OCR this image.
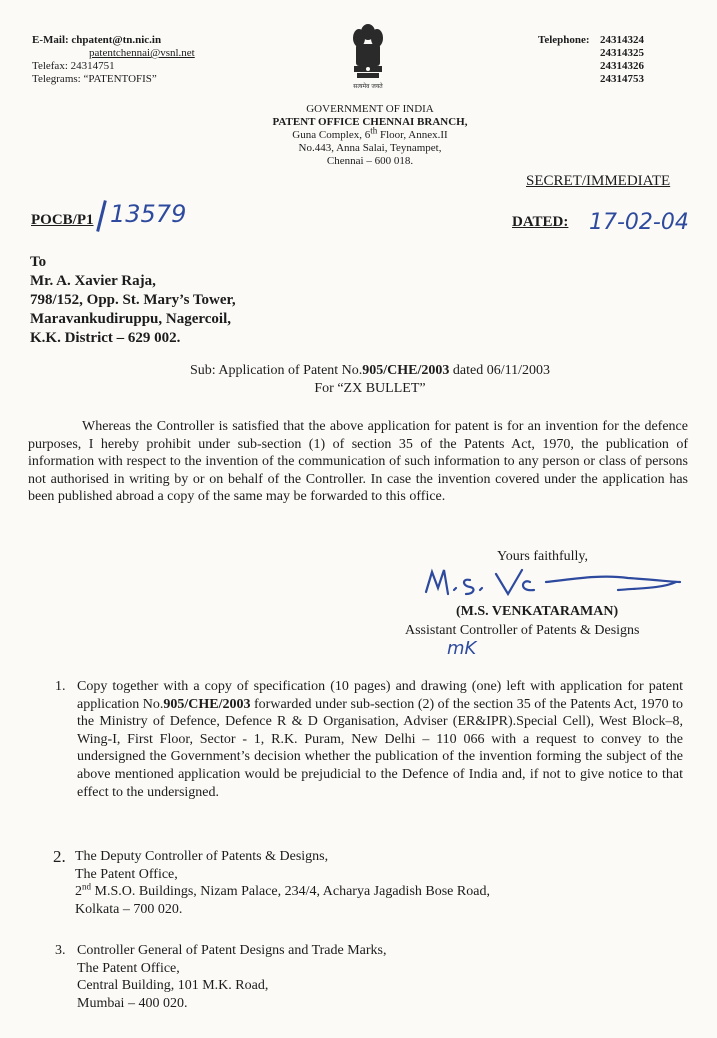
E-Mail: chpatent@tn.nic.in
patentchennai@vsnl.net
Telefax: 24314751
Telegrams: “PATENTOFIS”
Telephone: 24314324
24314325
24314326
24314753
सत्यमेव जयते
GOVERNMENT OF INDIA
PATENT OFFICE CHENNAI BRANCH,
Guna Complex, 6th Floor, Annex.II
No.443, Anna Salai, Teynampet,
Chennai – 600 018.
SECRET/IMMEDIATE
POCB/P1 13579	DATED: 17-02-04
To
Mr. A. Xavier Raja,
798/152, Opp. St. Mary’s Tower,
Maravankudiruppu, Nagercoil,
K.K. District – 629 002.
Sub: Application of Patent No.905/CHE/2003 dated 06/11/2003
For “ZX BULLET”
Whereas the Controller is satisfied that the above application for patent is for an invention for the defence purposes, I hereby prohibit under sub-section (1) of section 35 of the Patents Act, 1970, the publication of information with respect to the invention of the communication of such information to any person or class of persons not authorised in writing by or on behalf of the Controller. In case the invention covered under the application has been published abroad a copy of the same may be forwarded to this office.
Yours faithfully,
(M.S. VENKATARAMAN)
Assistant Controller of Patents & Designs
mK
1. Copy together with a copy of specification (10 pages) and drawing (one) left with application for patent application No.905/CHE/2003 forwarded under sub-section (2) of the section 35 of the Patents Act, 1970 to the Ministry of Defence, Defence R & D Organisation, Adviser (ER&IPR).Special Cell), West Block–8, Wing-I, First Floor, Sector - 1, R.K. Puram, New Delhi – 110 066 with a request to convey to the undersigned the Government’s decision whether the publication of the invention forming the subject of the above mentioned application would be prejudicial to the Defence of India and, if not to give notice to that effect to the undersigned.
2. The Deputy Controller of Patents & Designs,
The Patent Office,
2nd M.S.O. Buildings, Nizam Palace, 234/4, Acharya Jagadish Bose Road,
Kolkata – 700 020.
3. Controller General of Patent Designs and Trade Marks,
The Patent Office,
Central Building, 101 M.K. Road,
Mumbai – 400 020.
